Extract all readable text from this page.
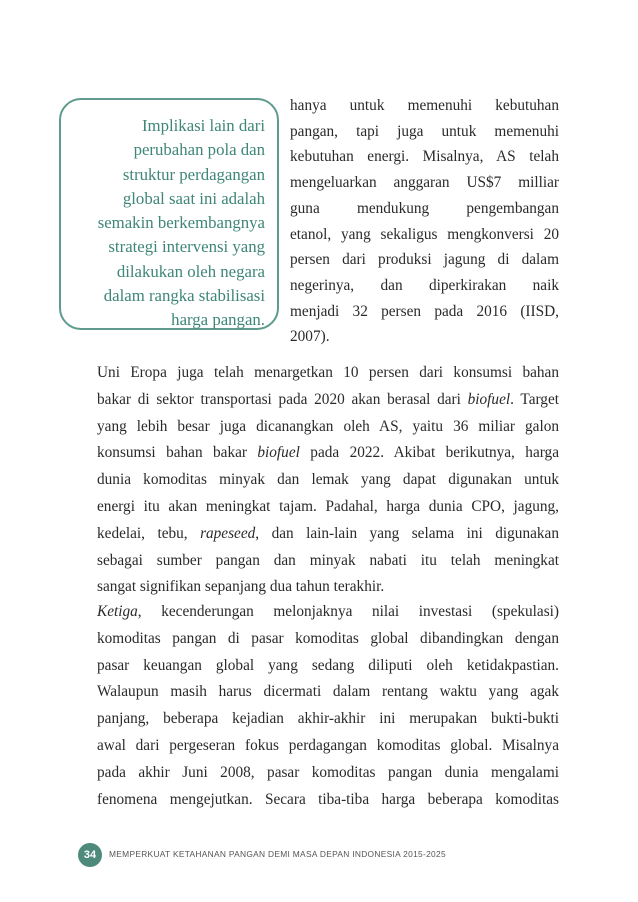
Implikasi lain dari
perubahan pola dan
struktur perdagangan
global saat ini adalah
semakin berkembangnya
strategi intervensi yang
dilakukan oleh negara
dalam rangka stabilisasi
harga pangan.

hanya untuk memenuhi kebutuhan
pangan, tapi juga untuk memenuhi
kebutuhan energi. Misalnya, AS telah
mengeluarkan anggaran US$7 milliar
guna mendukung pengembangan
etanol, yang sekaligus mengkonversi 20
persen dari produksi jagung di dalam
negerinya, dan diperkirakan naik
menjadi 32 persen pada 2016 (IISD,
2007).

Uni Eropa juga telah menargetkan 10 persen dari konsumsi bahan
bakar di sektor transportasi pada 2020 akan berasal dari biofuel. Target
yang lebih besar juga dicanangkan oleh AS, yaitu 36 miliar galon
konsumsi bahan bakar biofuel pada 2022. Akibat berikutnya, harga
dunia komoditas minyak dan lemak yang dapat digunakan untuk
energi itu akan meningkat tajam. Padahal, harga dunia CPO, jagung,
kedelai, tebu, rapeseed, dan lain-lain yang selama ini digunakan
sebagai sumber pangan dan minyak nabati itu telah meningkat
sangat signifikan sepanjang dua tahun terakhir.

Ketiga, kecenderungan melonjaknya nilai investasi (spekulasi)
komoditas pangan di pasar komoditas global dibandingkan dengan
pasar keuangan global yang sedang diliputi oleh ketidakpastian.
Walaupun masih harus dicermati dalam rentang waktu yang agak
panjang, beberapa kejadian akhir-akhir ini merupakan bukti-bukti
awal dari pergeseran fokus perdagangan komoditas global. Misalnya
pada akhir Juni 2008, pasar komoditas pangan dunia mengalami
fenomena mengejutkan. Secara tiba-tiba harga beberapa komoditas

34	MEMPERKUAT KETAHANAN PANGAN DEMI MASA DEPAN INDONESIA 2015-2025
